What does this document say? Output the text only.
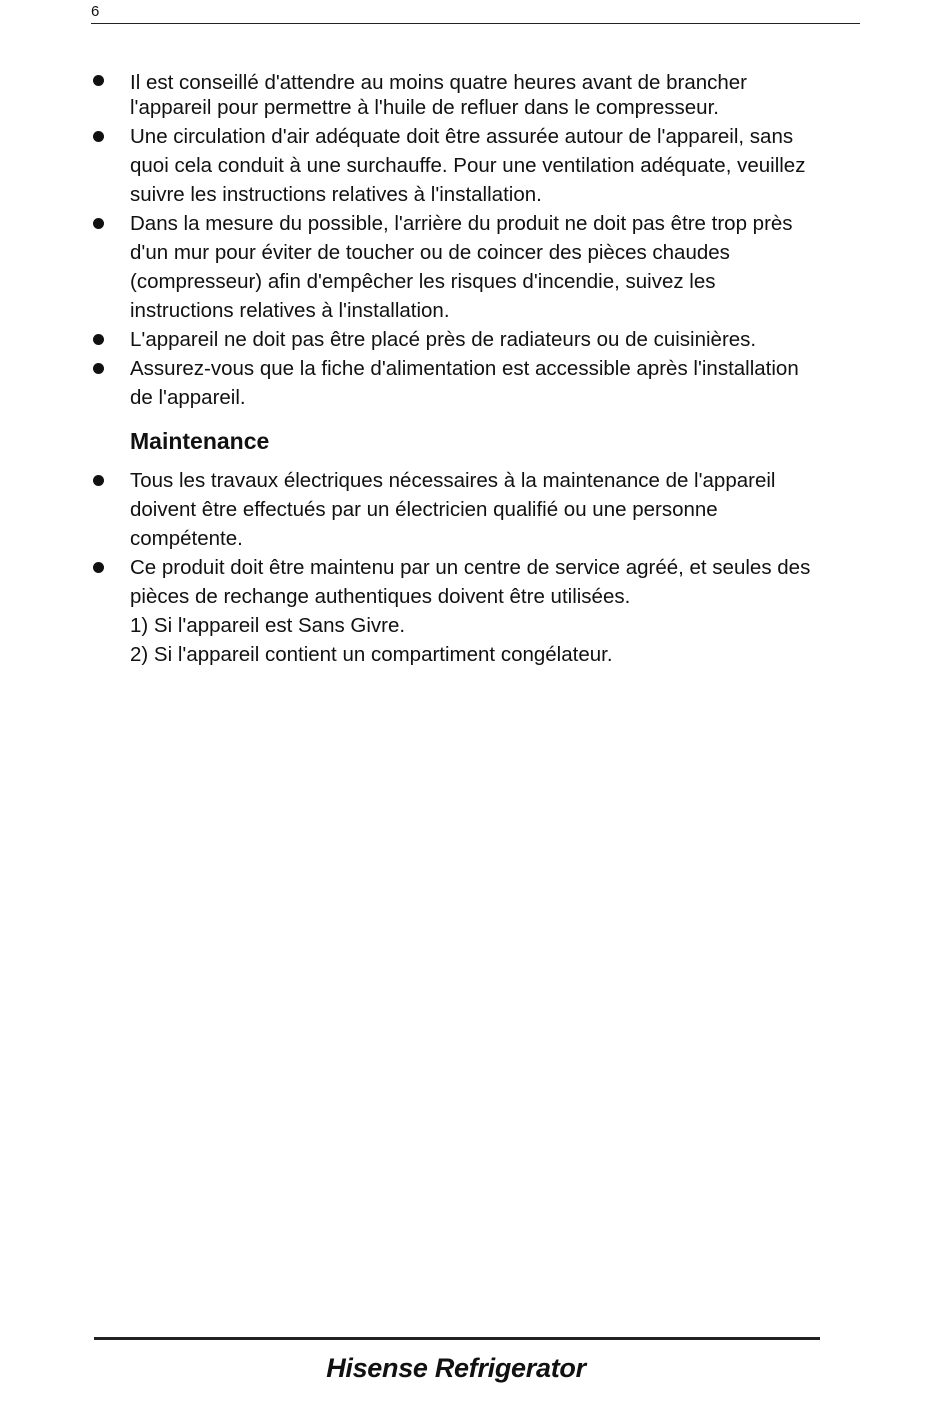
6
Il est conseillé d'attendre au moins quatre heures avant de brancher
l'appareil pour permettre à l'huile de refluer dans le compresseur.
Une circulation d'air adéquate doit être assurée autour de l'appareil, sans
quoi cela conduit à une surchauffe. Pour une ventilation adéquate, veuillez
suivre les instructions relatives à l'installation.
Dans la mesure du possible, l'arrière du produit ne doit pas être trop près
d'un mur pour éviter de toucher ou de coincer des pièces chaudes
(compresseur) afin d'empêcher les risques d'incendie, suivez les
instructions relatives à l'installation.
L'appareil ne doit pas être placé près de radiateurs ou de cuisinières.
Assurez-vous que la fiche d'alimentation est accessible après l'installation
de l'appareil.
Maintenance
Tous les travaux électriques nécessaires à la maintenance de l'appareil
doivent être effectués par un électricien qualifié ou une personne
compétente.
Ce produit doit être maintenu par un centre de service agréé, et seules des
pièces de rechange authentiques doivent être utilisées.
1) Si l'appareil est Sans Givre.
2) Si l'appareil contient un compartiment congélateur.
Hisense Refrigerator
